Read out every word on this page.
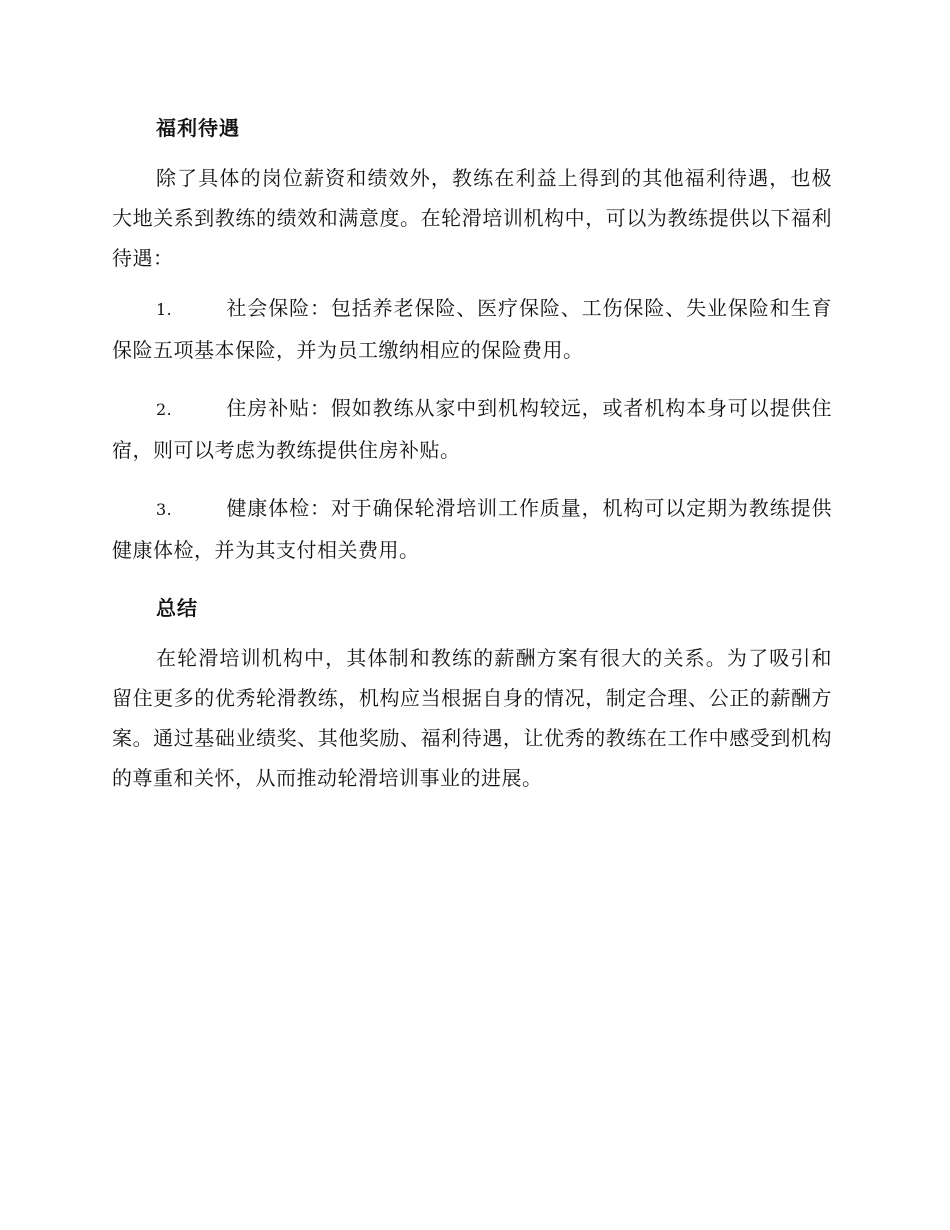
福利待遇

除了具体的岗位薪资和绩效外，教练在利益上得到的其他福利待遇，也极大地关系到教练的绩效和满意度。在轮滑培训机构中，可以为教练提供以下福利待遇：

1.	社会保险：包括养老保险、医疗保险、工伤保险、失业保险和生育保险五项基本保险，并为员工缴纳相应的保险费用。

2.	住房补贴：假如教练从家中到机构较远，或者机构本身可以提供住宿，则可以考虑为教练提供住房补贴。

3.	健康体检：对于确保轮滑培训工作质量，机构可以定期为教练提供健康体检，并为其支付相关费用。

总结

在轮滑培训机构中，其体制和教练的薪酬方案有很大的关系。为了吸引和留住更多的优秀轮滑教练，机构应当根据自身的情况，制定合理、公正的薪酬方案。通过基础业绩奖、其他奖励、福利待遇，让优秀的教练在工作中感受到机构的尊重和关怀，从而推动轮滑培训事业的进展。
